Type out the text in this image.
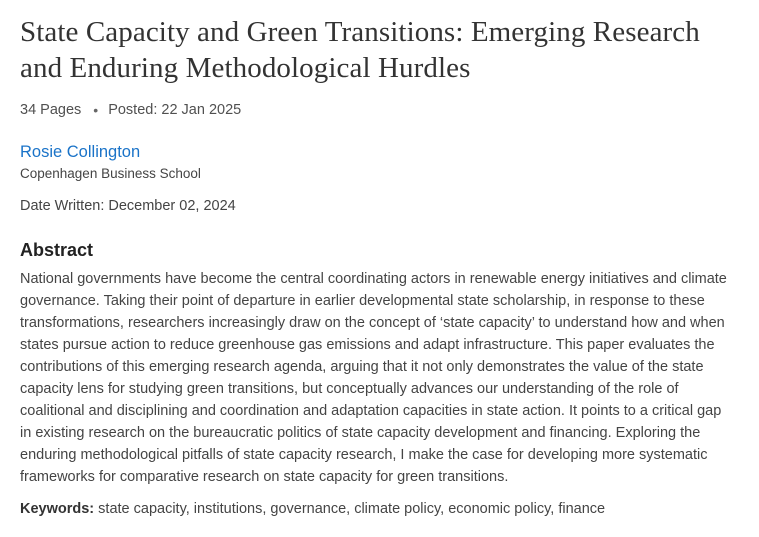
State Capacity and Green Transitions: Emerging Research and Enduring Methodological Hurdles
34 Pages • Posted: 22 Jan 2025
Rosie Collington
Copenhagen Business School
Date Written: December 02, 2024
Abstract
National governments have become the central coordinating actors in renewable energy initiatives and climate governance. Taking their point of departure in earlier developmental state scholarship, in response to these transformations, researchers increasingly draw on the concept of ‘state capacity’ to understand how and when states pursue action to reduce greenhouse gas emissions and adapt infrastructure. This paper evaluates the contributions of this emerging research agenda, arguing that it not only demonstrates the value of the state capacity lens for studying green transitions, but conceptually advances our understanding of the role of coalitional and disciplining and coordination and adaptation capacities in state action. It points to a critical gap in existing research on the bureaucratic politics of state capacity development and financing. Exploring the enduring methodological pitfalls of state capacity research, I make the case for developing more systematic frameworks for comparative research on state capacity for green transitions.
Keywords: state capacity, institutions, governance, climate policy, economic policy, finance
